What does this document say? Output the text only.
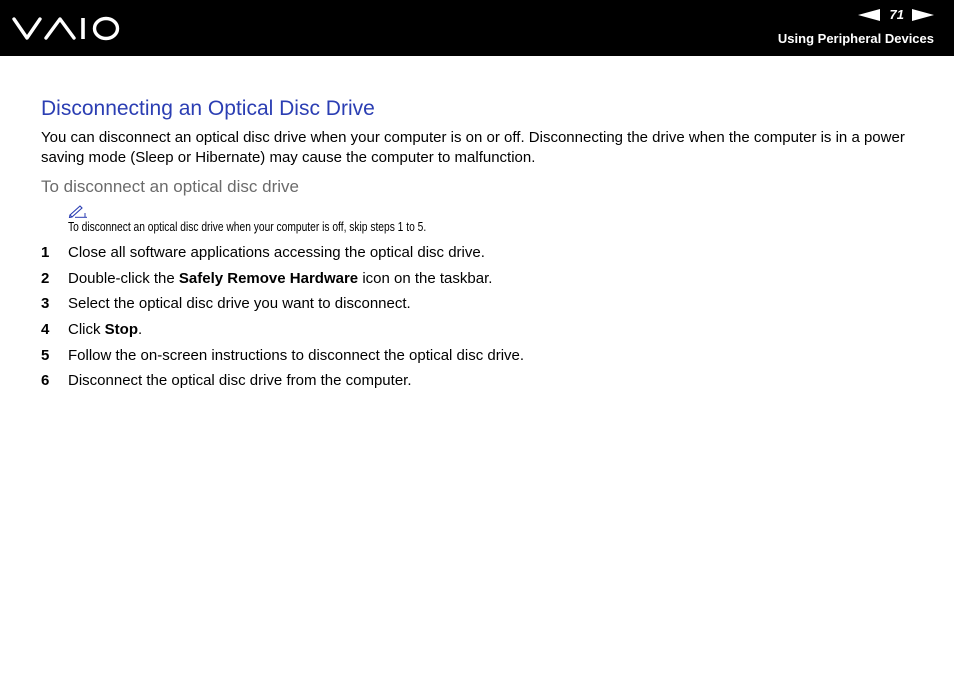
71
Using Peripheral Devices
Disconnecting an Optical Disc Drive

You can disconnect an optical disc drive when your computer is on or off. Disconnecting the drive when the computer is in a power saving mode (Sleep or Hibernate) may cause the computer to malfunction.

To disconnect an optical disc drive
To disconnect an optical disc drive when your computer is off, skip steps 1 to 5.
1 Close all software applications accessing the optical disc drive.
2 Double-click the Safely Remove Hardware icon on the taskbar.
3 Select the optical disc drive you want to disconnect.
4 Click Stop.
5 Follow the on-screen instructions to disconnect the optical disc drive.
6 Disconnect the optical disc drive from the computer.
